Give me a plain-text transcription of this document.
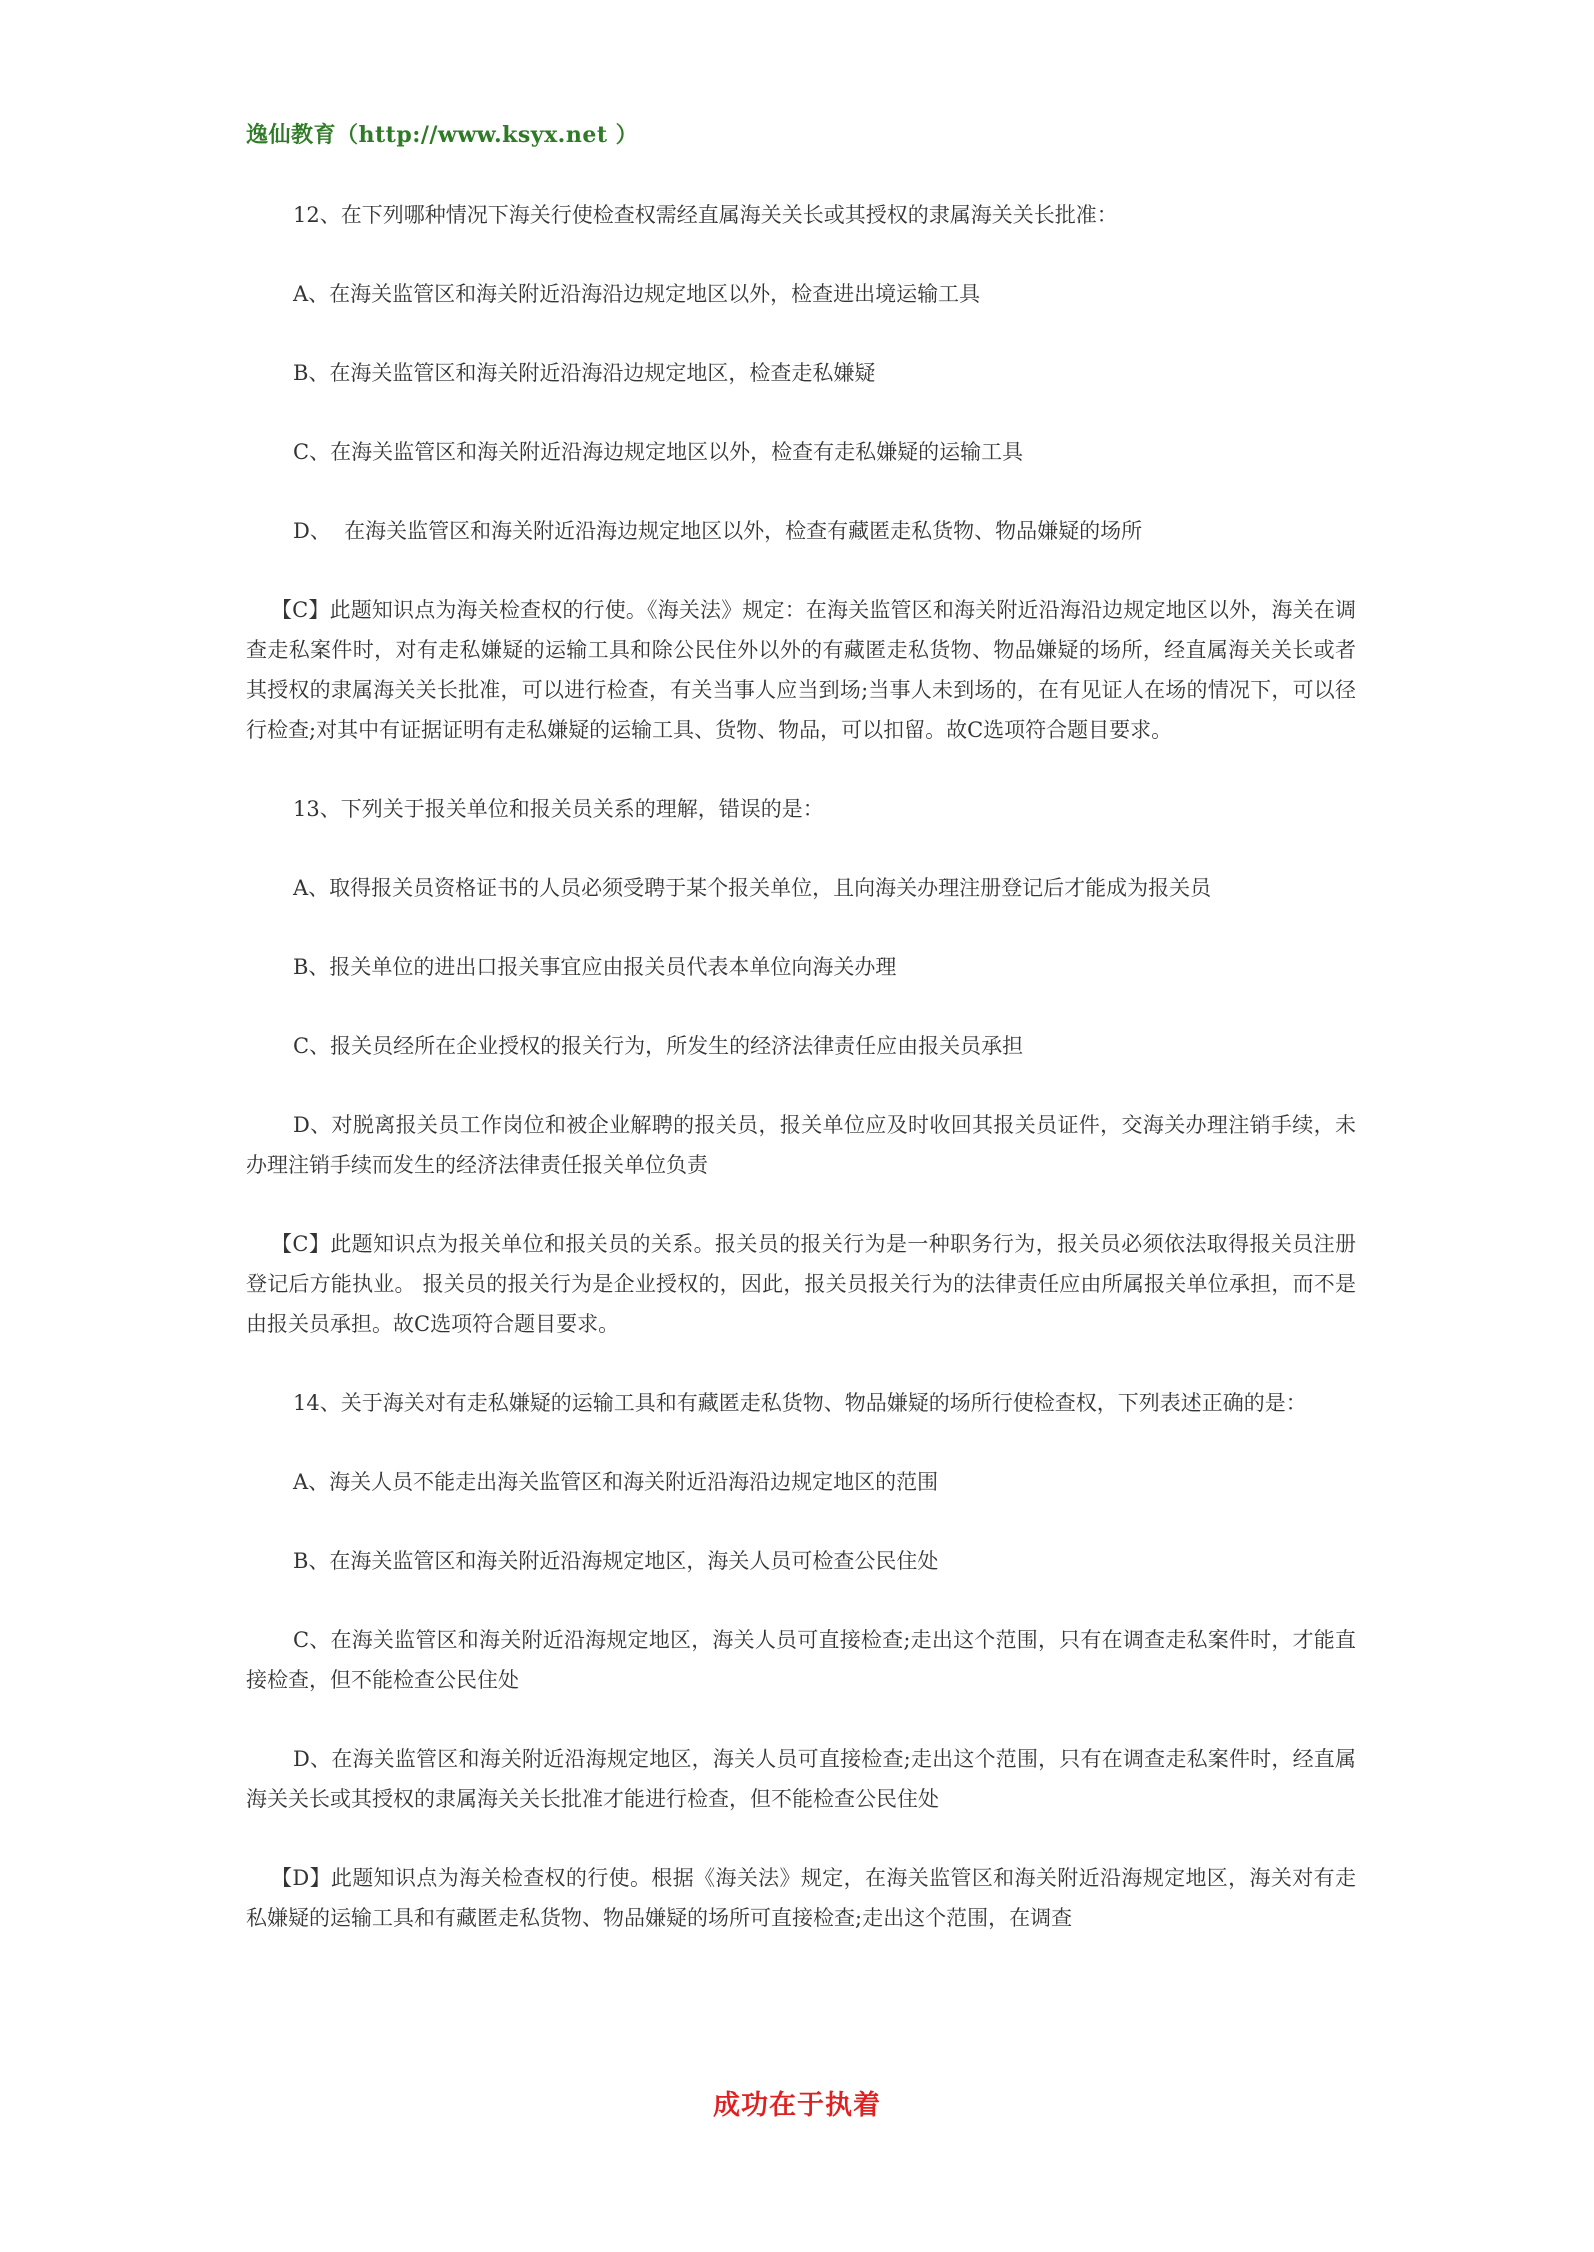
逸仙教育（http://www.ksyx.net ）

12、在下列哪种情况下海关行使检查权需经直属海关关长或其授权的隶属海关关长批准：

A、在海关监管区和海关附近沿海沿边规定地区以外，检查进出境运输工具

B、在海关监管区和海关附近沿海沿边规定地区，检查走私嫌疑

C、在海关监管区和海关附近沿海边规定地区以外，检查有走私嫌疑的运输工具

D、  在海关监管区和海关附近沿海边规定地区以外，检查有藏匿走私货物、物品嫌疑的场所

【C】此题知识点为海关检查权的行使。《海关法》规定：在海关监管区和海关附近沿海沿边规定地区以外，海关在调查走私案件时，对有走私嫌疑的运输工具和除公民住外以外的有藏匿走私货物、物品嫌疑的场所，经直属海关关长或者其授权的隶属海关关长批准，可以进行检查，有关当事人应当到场;当事人未到场的，在有见证人在场的情况下，可以径行检查;对其中有证据证明有走私嫌疑的运输工具、货物、物品，可以扣留。故C选项符合题目要求。

13、下列关于报关单位和报关员关系的理解，错误的是：

A、取得报关员资格证书的人员必须受聘于某个报关单位，且向海关办理注册登记后才能成为报关员

B、报关单位的进出口报关事宜应由报关员代表本单位向海关办理

C、报关员经所在企业授权的报关行为，所发生的经济法律责任应由报关员承担

D、对脱离报关员工作岗位和被企业解聘的报关员，报关单位应及时收回其报关员证件，交海关办理注销手续，未办理注销手续而发生的经济法律责任报关单位负责

【C】此题知识点为报关单位和报关员的关系。报关员的报关行为是一种职务行为，报关员必须依法取得报关员注册登记后方能执业。 报关员的报关行为是企业授权的，因此，报关员报关行为的法律责任应由所属报关单位承担，而不是由报关员承担。故C选项符合题目要求。

14、关于海关对有走私嫌疑的运输工具和有藏匿走私货物、物品嫌疑的场所行使检查权，下列表述正确的是：

A、海关人员不能走出海关监管区和海关附近沿海沿边规定地区的范围

B、在海关监管区和海关附近沿海规定地区，海关人员可检查公民住处

C、在海关监管区和海关附近沿海规定地区，海关人员可直接检查;走出这个范围，只有在调查走私案件时，才能直接检查，但不能检查公民住处

D、在海关监管区和海关附近沿海规定地区，海关人员可直接检查;走出这个范围，只有在调查走私案件时，经直属海关关长或其授权的隶属海关关长批准才能进行检查，但不能检查公民住处

【D】此题知识点为海关检查权的行使。根据《海关法》规定，在海关监管区和海关附近沿海规定地区，海关对有走私嫌疑的运输工具和有藏匿走私货物、物品嫌疑的场所可直接检查;走出这个范围，在调查

成功在于执着
